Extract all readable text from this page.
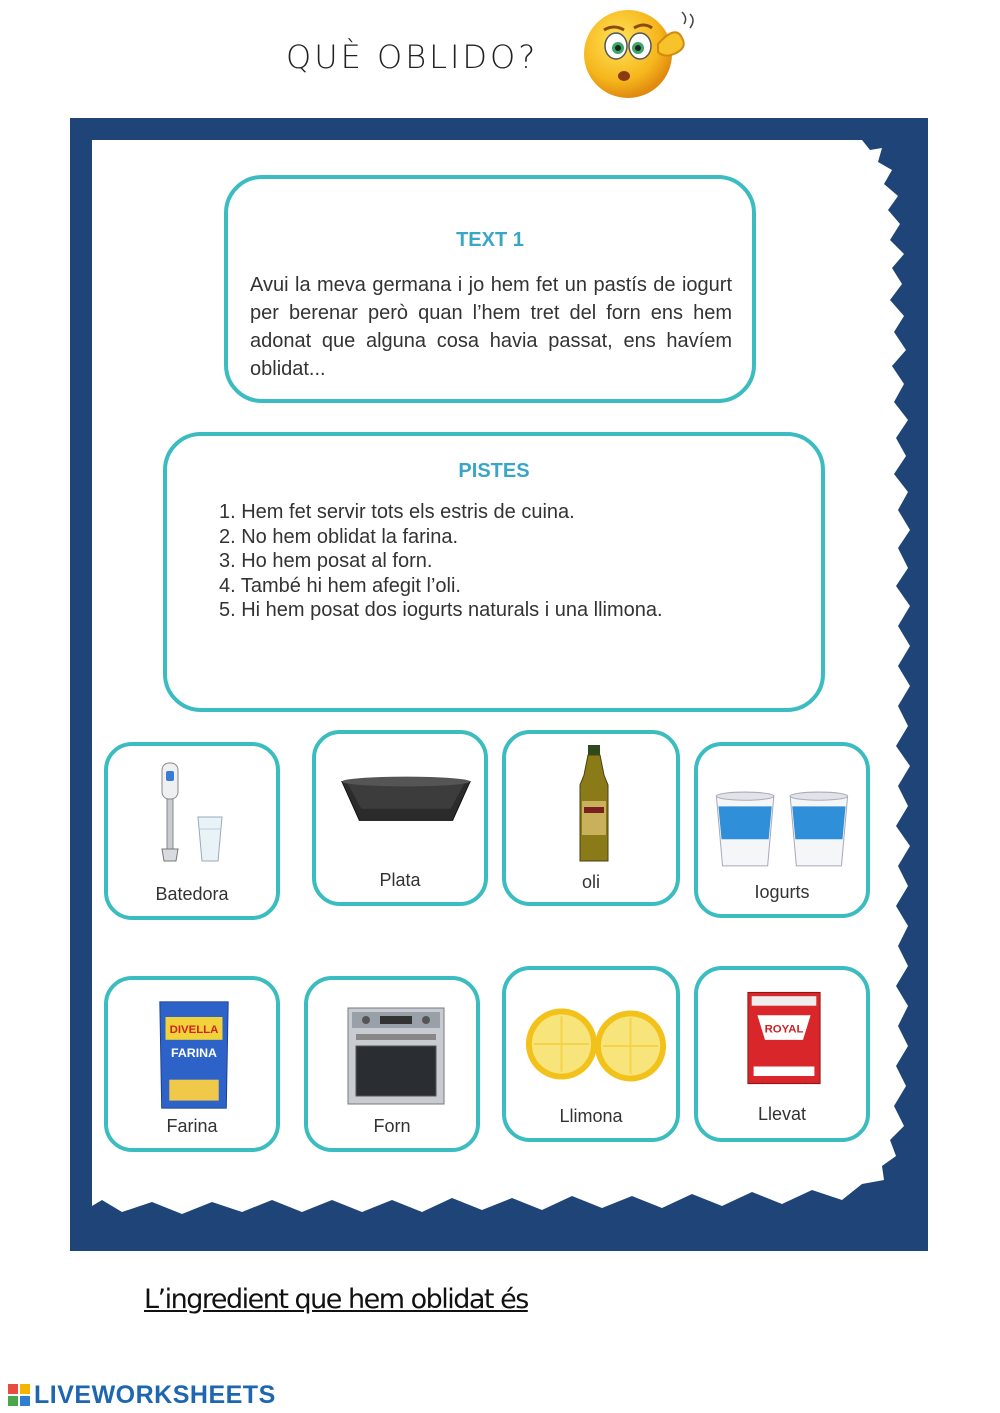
QUÈ OBLIDO?
TEXT 1
Avui la meva germana i jo hem fet un pastís de iogurt per berenar però quan l’hem tret del forn ens hem adonat que alguna cosa havia passat, ens havíem oblidat...
PISTES
1. Hem fet servir tots els estris de cuina.
2. No hem oblidat la farina.
3. Ho hem posat al forn.
4. També hi hem afegit l’oli.
5. Hi hem posat dos iogurts naturals i una llimona.
Batedora
Plata	oli	Iogurts
DIVELLA
FARINA
Farina	Forn	Llimona
ROYAL
Llevat
L’ingredient que hem oblidat és
LIVEWORKSHEETS
